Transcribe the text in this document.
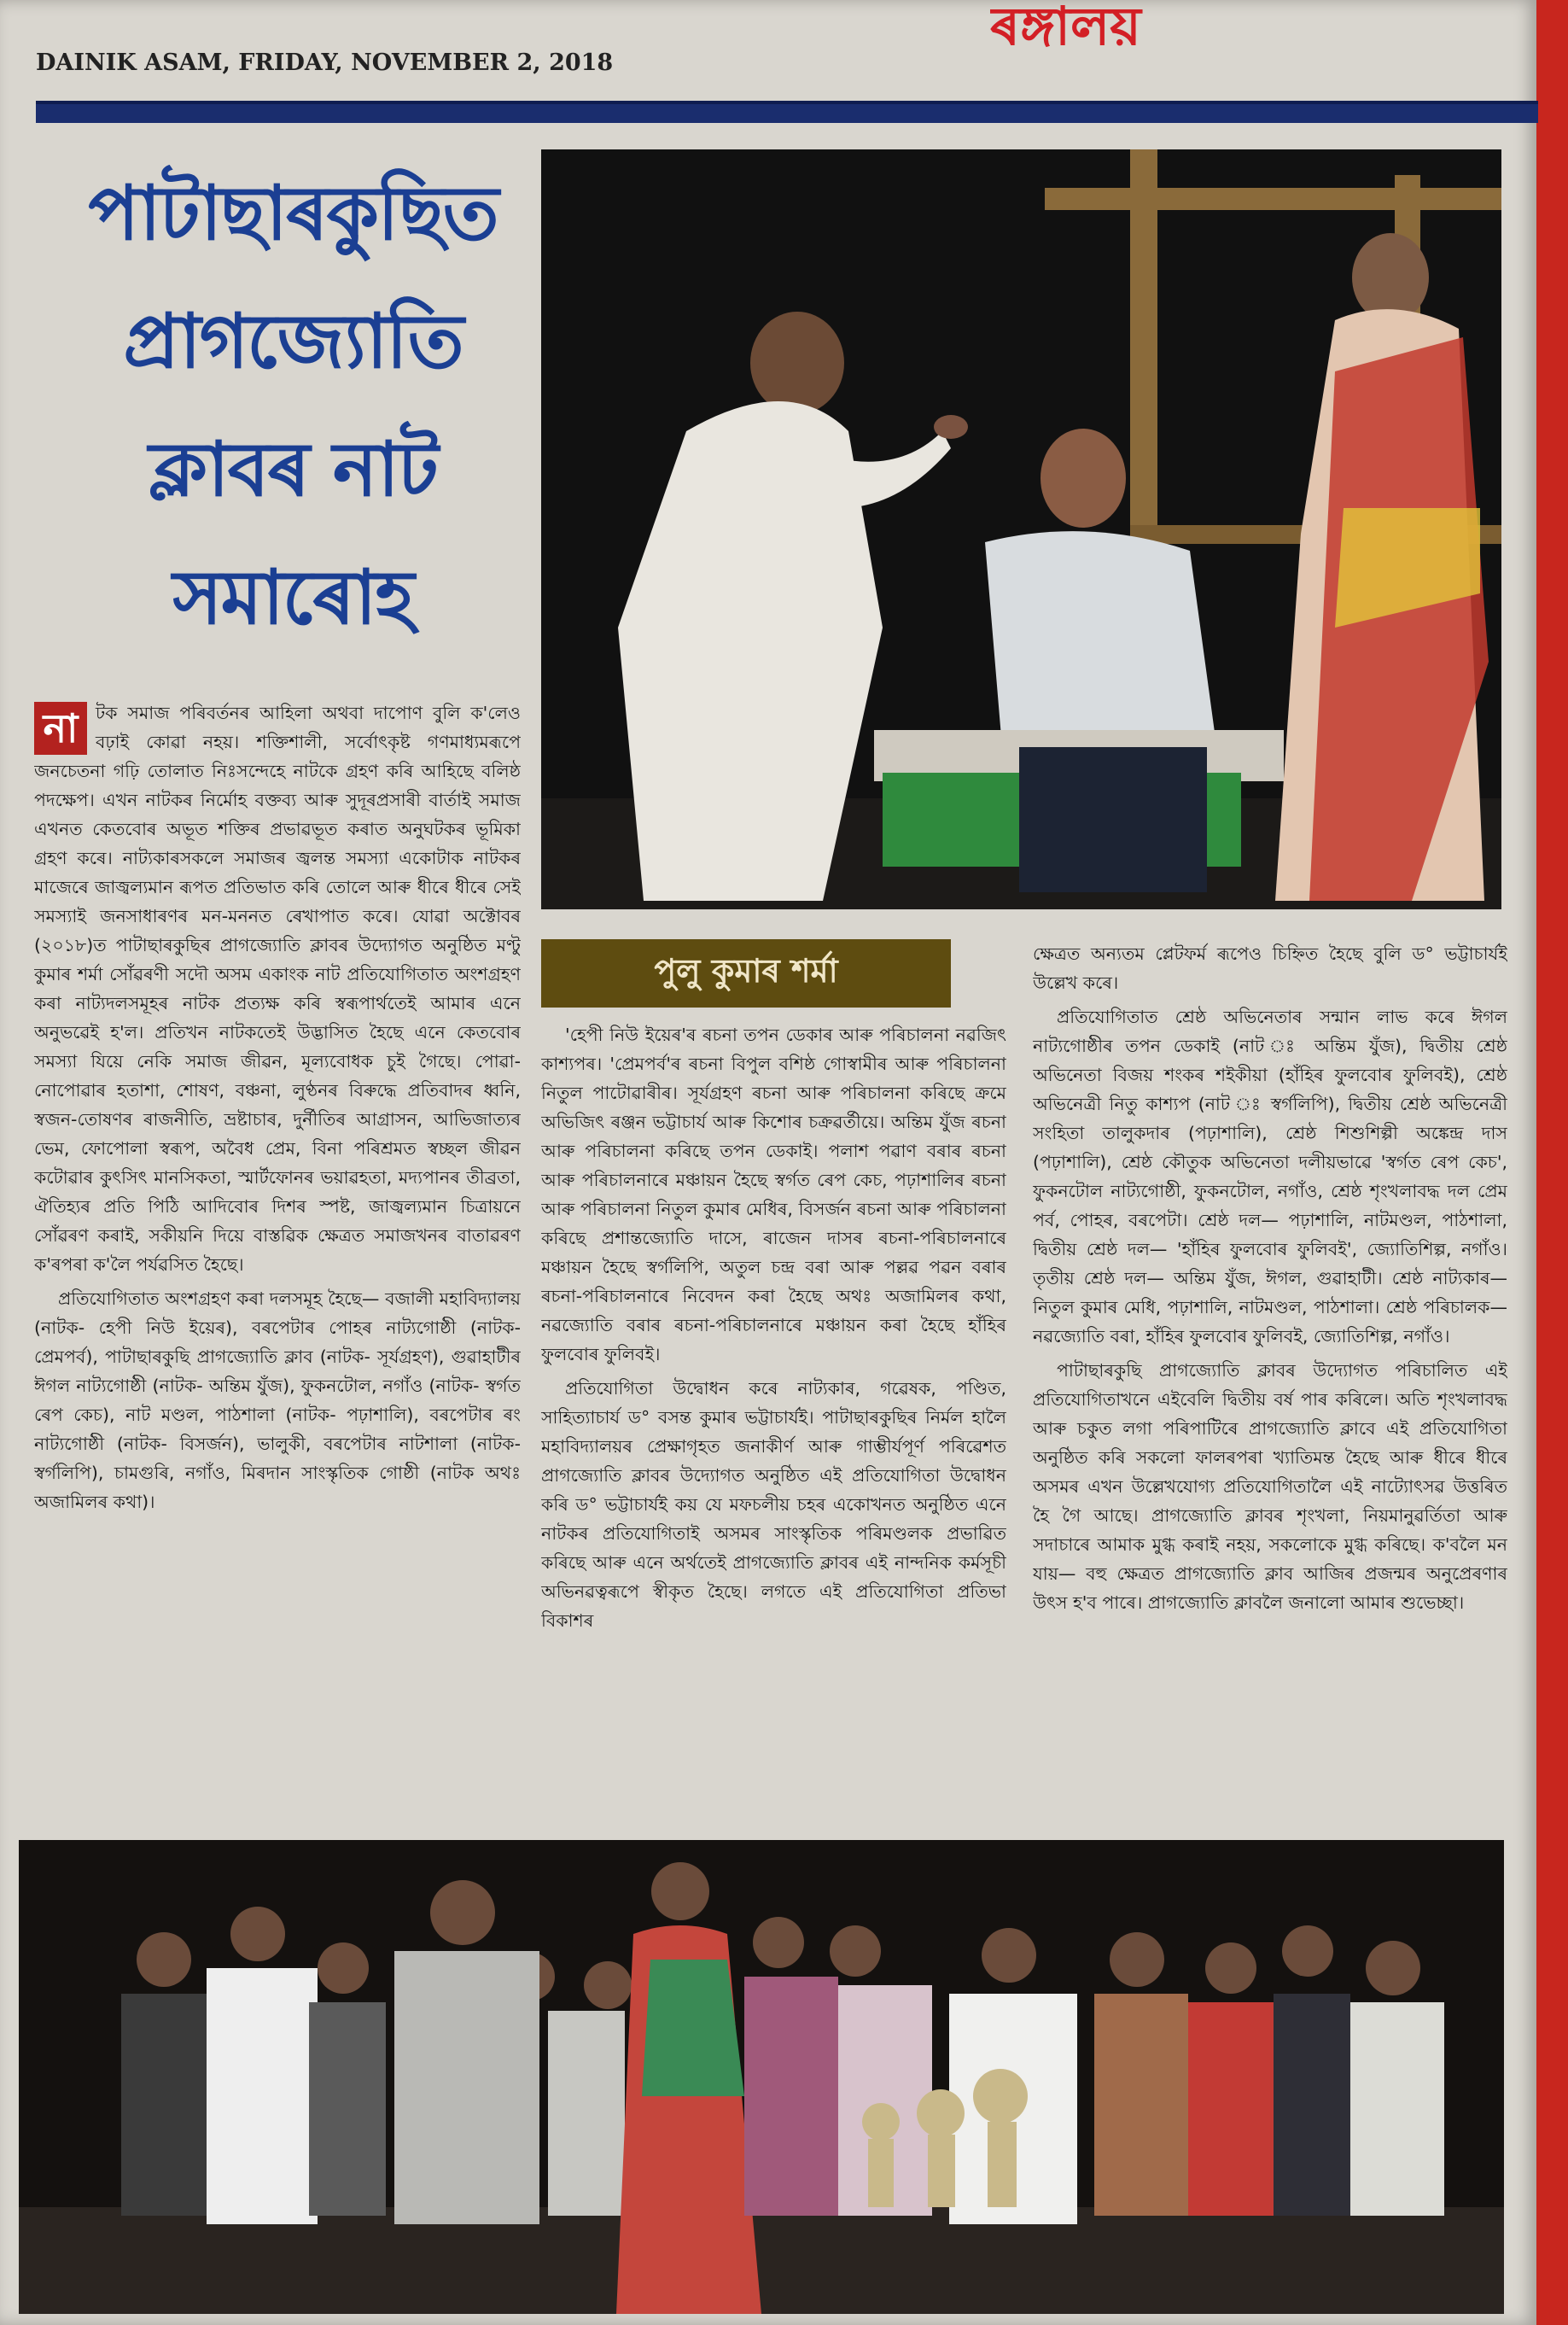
DAINIK ASAM, FRIDAY, NOVEMBER 2, 2018
ৰঙ্গালয়
পাটাছাৰকুছিত
প্ৰাগজ্যোতি
ক্লাবৰ নাট
সমাৰোহ
পুলু কুমাৰ শৰ্মা
না	টক সমাজ পৰিবৰ্তনৰ আহিলা অথবা দাপোণ বুলি ক'লেও বঢ়াই কোৱা নহয়। শক্তিশালী, সৰ্বোৎকৃষ্ট গণমাধ্যমৰূপে জনচেতনা গঢ়ি তোলাত নিঃসন্দেহে নাটকে গ্ৰহণ কৰি আহিছে বলিষ্ঠ পদক্ষেপ। এখন নাটকৰ নিৰ্মোহ বক্তব্য আৰু সুদূৰপ্ৰসাৰী বাৰ্তাই সমাজ এখনত কেতবোৰ অভূত শক্তিৰ প্ৰভাৱভূত কৰাত অনুঘটকৰ ভূমিকা গ্ৰহণ কৰে। নাট্যকাৰসকলে সমাজৰ জ্বলন্ত সমস্যা একোটাক নাটকৰ মাজেৰে জাজ্বল্যমান ৰূপত প্ৰতিভাত কৰি তোলে আৰু ধীৰে ধীৰে সেই সমস্যাই জনসাধাৰণৰ মন-মননত ৰেখাপাত কৰে। যোৱা অক্টোবৰ (২০১৮)ত পাটাছাৰকুছিৰ প্ৰাগজ্যোতি ক্লাবৰ উদ্যোগত অনুষ্ঠিত মণ্টু কুমাৰ শৰ্মা সোঁৱৰণী সদৌ অসম একাংক নাট প্ৰতিযোগিতাত অংশগ্ৰহণ কৰা নাট্যদলসমূহৰ নাটক প্ৰত্যক্ষ কৰি স্বৰূপাৰ্থতেই আমাৰ এনে অনুভৱেই হ'ল। প্ৰতিখন নাটকতেই উদ্ভাসিত হৈছে এনে কেতবোৰ সমস্যা যিয়ে নেকি সমাজ জীৱন, মূল্যবোধক চুই গৈছে। পোৱা-নোপোৱাৰ হতাশা, শোষণ, বঞ্চনা, লুণ্ঠনৰ বিৰুদ্ধে প্ৰতিবাদৰ ধ্বনি, স্বজন-তোষণৰ ৰাজনীতি, ভ্ৰষ্টাচাৰ, দুৰ্নীতিৰ আগ্ৰাসন, আভিজাত্যৰ ভেম, ফোপোলা স্বৰূপ, অবৈধ প্ৰেম, বিনা পৰিশ্ৰমত স্বচ্ছল জীৱন কটোৱাৰ কুৎসিৎ মানসিকতা, স্মাৰ্টফোনৰ ভয়াৱহতা, মদ্যপানৰ তীব্ৰতা, ঐতিহ্যৰ প্ৰতি পিঠি আদিবোৰ দিশৰ স্পষ্ট, জাজ্বল্যমান চিত্ৰায়নে সোঁৱৰণ কৰাই, সকীয়নি দিয়ে বাস্তৱিক ক্ষেত্ৰত সমাজখনৰ বাতাৱৰণ ক'ৰপৰা ক'লৈ পৰ্যৱসিত হৈছে।

প্ৰতিযোগিতাত অংশগ্ৰহণ কৰা দলসমূহ হৈছে— বজালী মহাবিদ্যালয় (নাটক- হেপী নিউ ইয়েৰ), বৰপেটাৰ পোহৰ নাট্যগোষ্ঠী (নাটক- প্ৰেমপৰ্ব), পাটাছাৰকুছি প্ৰাগজ্যোতি ক্লাব (নাটক- সূৰ্যগ্ৰহণ), গুৱাহাটীৰ ঈগল নাট্যগোষ্ঠী (নাটক- অন্তিম যুঁজ), ফুকনটোল, নগাঁও (নাটক- স্বৰ্গত ৰেপ কেচ), নাট মণ্ডল, পাঠশালা (নাটক- পঢ়াশালি), বৰপেটাৰ ৰং নাট্যগোষ্ঠী (নাটক- বিসৰ্জন), ভালুকী, বৰপেটাৰ নাটশালা (নাটক- স্বৰ্গলিপি), চামগুৰি, নগাঁও, মিৰদান সাংস্কৃতিক গোষ্ঠী (নাটক অথঃ অজামিলৰ কথা)।

'হেপী নিউ ইয়েৰ'ৰ ৰচনা তপন ডেকাৰ আৰু পৰিচালনা নৱজিৎ কাশ্যপৰ। 'প্ৰেমপৰ্ব'ৰ ৰচনা বিপুল বশিষ্ঠ গোস্বামীৰ আৰু পৰিচালনা নিতুল পাটোৱাৰীৰ। সূৰ্যগ্ৰহণ ৰচনা আৰু পৰিচালনা কৰিছে ক্ৰমে অভিজিৎ ৰঞ্জন ভট্টাচাৰ্য আৰু কিশোৰ চক্ৰৱৰ্তীয়ে। অন্তিম যুঁজ ৰচনা আৰু পৰিচালনা কৰিছে তপন ডেকাই। পলাশ পৱাণ বৰাৰ ৰচনা আৰু পৰিচালনাৰে মঞ্চায়ন হৈছে স্বৰ্গত ৰেপ কেচ, পঢ়াশালিৰ ৰচনা আৰু পৰিচালনা নিতুল কুমাৰ মেধিৰ, বিসৰ্জন ৰচনা আৰু পৰিচালনা কৰিছে প্ৰশান্তজ্যোতি দাসে, ৰাজেন দাসৰ ৰচনা-পৰিচালনাৰে মঞ্চায়ন হৈছে স্বৰ্গলিপি, অতুল চন্দ্ৰ বৰা আৰু পল্লৱ পৱন বৰাৰ ৰচনা-পৰিচালনাৰে নিবেদন কৰা হৈছে অথঃ অজামিলৰ কথা, নৱজ্যোতি বৰাৰ ৰচনা-পৰিচালনাৰে মঞ্চায়ন কৰা হৈছে হাঁহিৰ ফুলবোৰ ফুলিবই।

প্ৰতিযোগিতা উদ্বোধন কৰে নাট্যকাৰ, গৱেষক, পণ্ডিত, সাহিত্যাচাৰ্য ড° বসন্ত কুমাৰ ভট্টাচাৰ্যই। পাটাছাৰকুছিৰ নিৰ্মল হালৈ মহাবিদ্যালয়ৰ প্ৰেক্ষাগৃহত জনাকীৰ্ণ আৰু গাম্ভীৰ্যপূৰ্ণ পৰিৱেশত প্ৰাগজ্যোতি ক্লাবৰ উদ্যোগত অনুষ্ঠিত এই প্ৰতিযোগিতা উদ্বোধন কৰি ড° ভট্টাচাৰ্যই কয় যে মফচলীয় চহৰ একোখনত অনুষ্ঠিত এনে নাটকৰ প্ৰতিযোগিতাই অসমৰ সাংস্কৃতিক পৰিমণ্ডলক প্ৰভাৱিত কৰিছে আৰু এনে অৰ্থতেই প্ৰাগজ্যোতি ক্লাবৰ এই নান্দনিক কৰ্মসূচী অভিনৱত্বৰূপে স্বীকৃত হৈছে। লগতে এই প্ৰতিযোগিতা প্ৰতিভা বিকাশৰ

ক্ষেত্ৰত অন্যতম প্লেটফৰ্ম ৰূপেও চিহ্নিত হৈছে বুলি ড° ভট্টাচাৰ্যই উল্লেখ কৰে।

প্ৰতিযোগিতাত শ্ৰেষ্ঠ অভিনেতাৰ সন্মান লাভ কৰে ঈগল নাট্যগোষ্ঠীৰ তপন ডেকাই (নাট ঃ অন্তিম যুঁজ), দ্বিতীয় শ্ৰেষ্ঠ অভিনেতা বিজয় শংকৰ শইকীয়া (হাঁহিৰ ফুলবোৰ ফুলিবই), শ্ৰেষ্ঠ অভিনেত্ৰী নিতু কাশ্যপ (নাট ঃ স্বৰ্গলিপি), দ্বিতীয় শ্ৰেষ্ঠ অভিনেত্ৰী সংহিতা তালুকদাৰ (পঢ়াশালি), শ্ৰেষ্ঠ শিশুশিল্পী অঙ্কেন্দ্ৰ দাস (পঢ়াশালি), শ্ৰেষ্ঠ কৌতুক অভিনেতা দলীয়ভাৱে 'স্বৰ্গত ৰেপ কেচ', ফুকনটোল নাট্যগোষ্ঠী, ফুকনটোল, নগাঁও, শ্ৰেষ্ঠ শৃংখলাবদ্ধ দল প্ৰেম পৰ্ব, পোহৰ, বৰপেটা। শ্ৰেষ্ঠ দল— পঢ়াশালি, নাটমণ্ডল, পাঠশালা, দ্বিতীয় শ্ৰেষ্ঠ দল— 'হাঁহিৰ ফুলবোৰ ফুলিবই', জ্যোতিশিল্প, নগাঁও। তৃতীয় শ্ৰেষ্ঠ দল— অন্তিম যুঁজ, ঈগল, গুৱাহাটী। শ্ৰেষ্ঠ নাট্যকাৰ— নিতুল কুমাৰ মেধি, পঢ়াশালি, নাটমণ্ডল, পাঠশালা। শ্ৰেষ্ঠ পৰিচালক— নৱজ্যোতি বৰা, হাঁহিৰ ফুলবোৰ ফুলিবই, জ্যোতিশিল্প, নগাঁও।

পাটাছাৰকুছি প্ৰাগজ্যোতি ক্লাবৰ উদ্যোগত পৰিচালিত এই প্ৰতিযোগিতাখনে এইবেলি দ্বিতীয় বৰ্ষ পাৰ কৰিলে। অতি শৃংখলাবদ্ধ আৰু চকুত লগা পৰিপাটিৰে প্ৰাগজ্যোতি ক্লাবে এই প্ৰতিযোগিতা অনুষ্ঠিত কৰি সকলো ফালৰপৰা খ্যাতিমন্ত হৈছে আৰু ধীৰে ধীৰে অসমৰ এখন উল্লেখযোগ্য প্ৰতিযোগিতালৈ এই নাট্যোৎসৱ উত্তৰিত হৈ গৈ আছে। প্ৰাগজ্যোতি ক্লাবৰ শৃংখলা, নিয়মানুৱৰ্তিতা আৰু সদাচাৰে আমাক মুগ্ধ কৰাই নহয়, সকলোকে মুগ্ধ কৰিছে। ক'বলৈ মন যায়— বহু ক্ষেত্ৰত প্ৰাগজ্যোতি ক্লাব আজিৰ প্ৰজন্মৰ অনুপ্ৰেৰণাৰ উৎস হ'ব পাৰে। প্ৰাগজ্যোতি ক্লাবলৈ জনালো আমাৰ শুভেচ্ছা।
